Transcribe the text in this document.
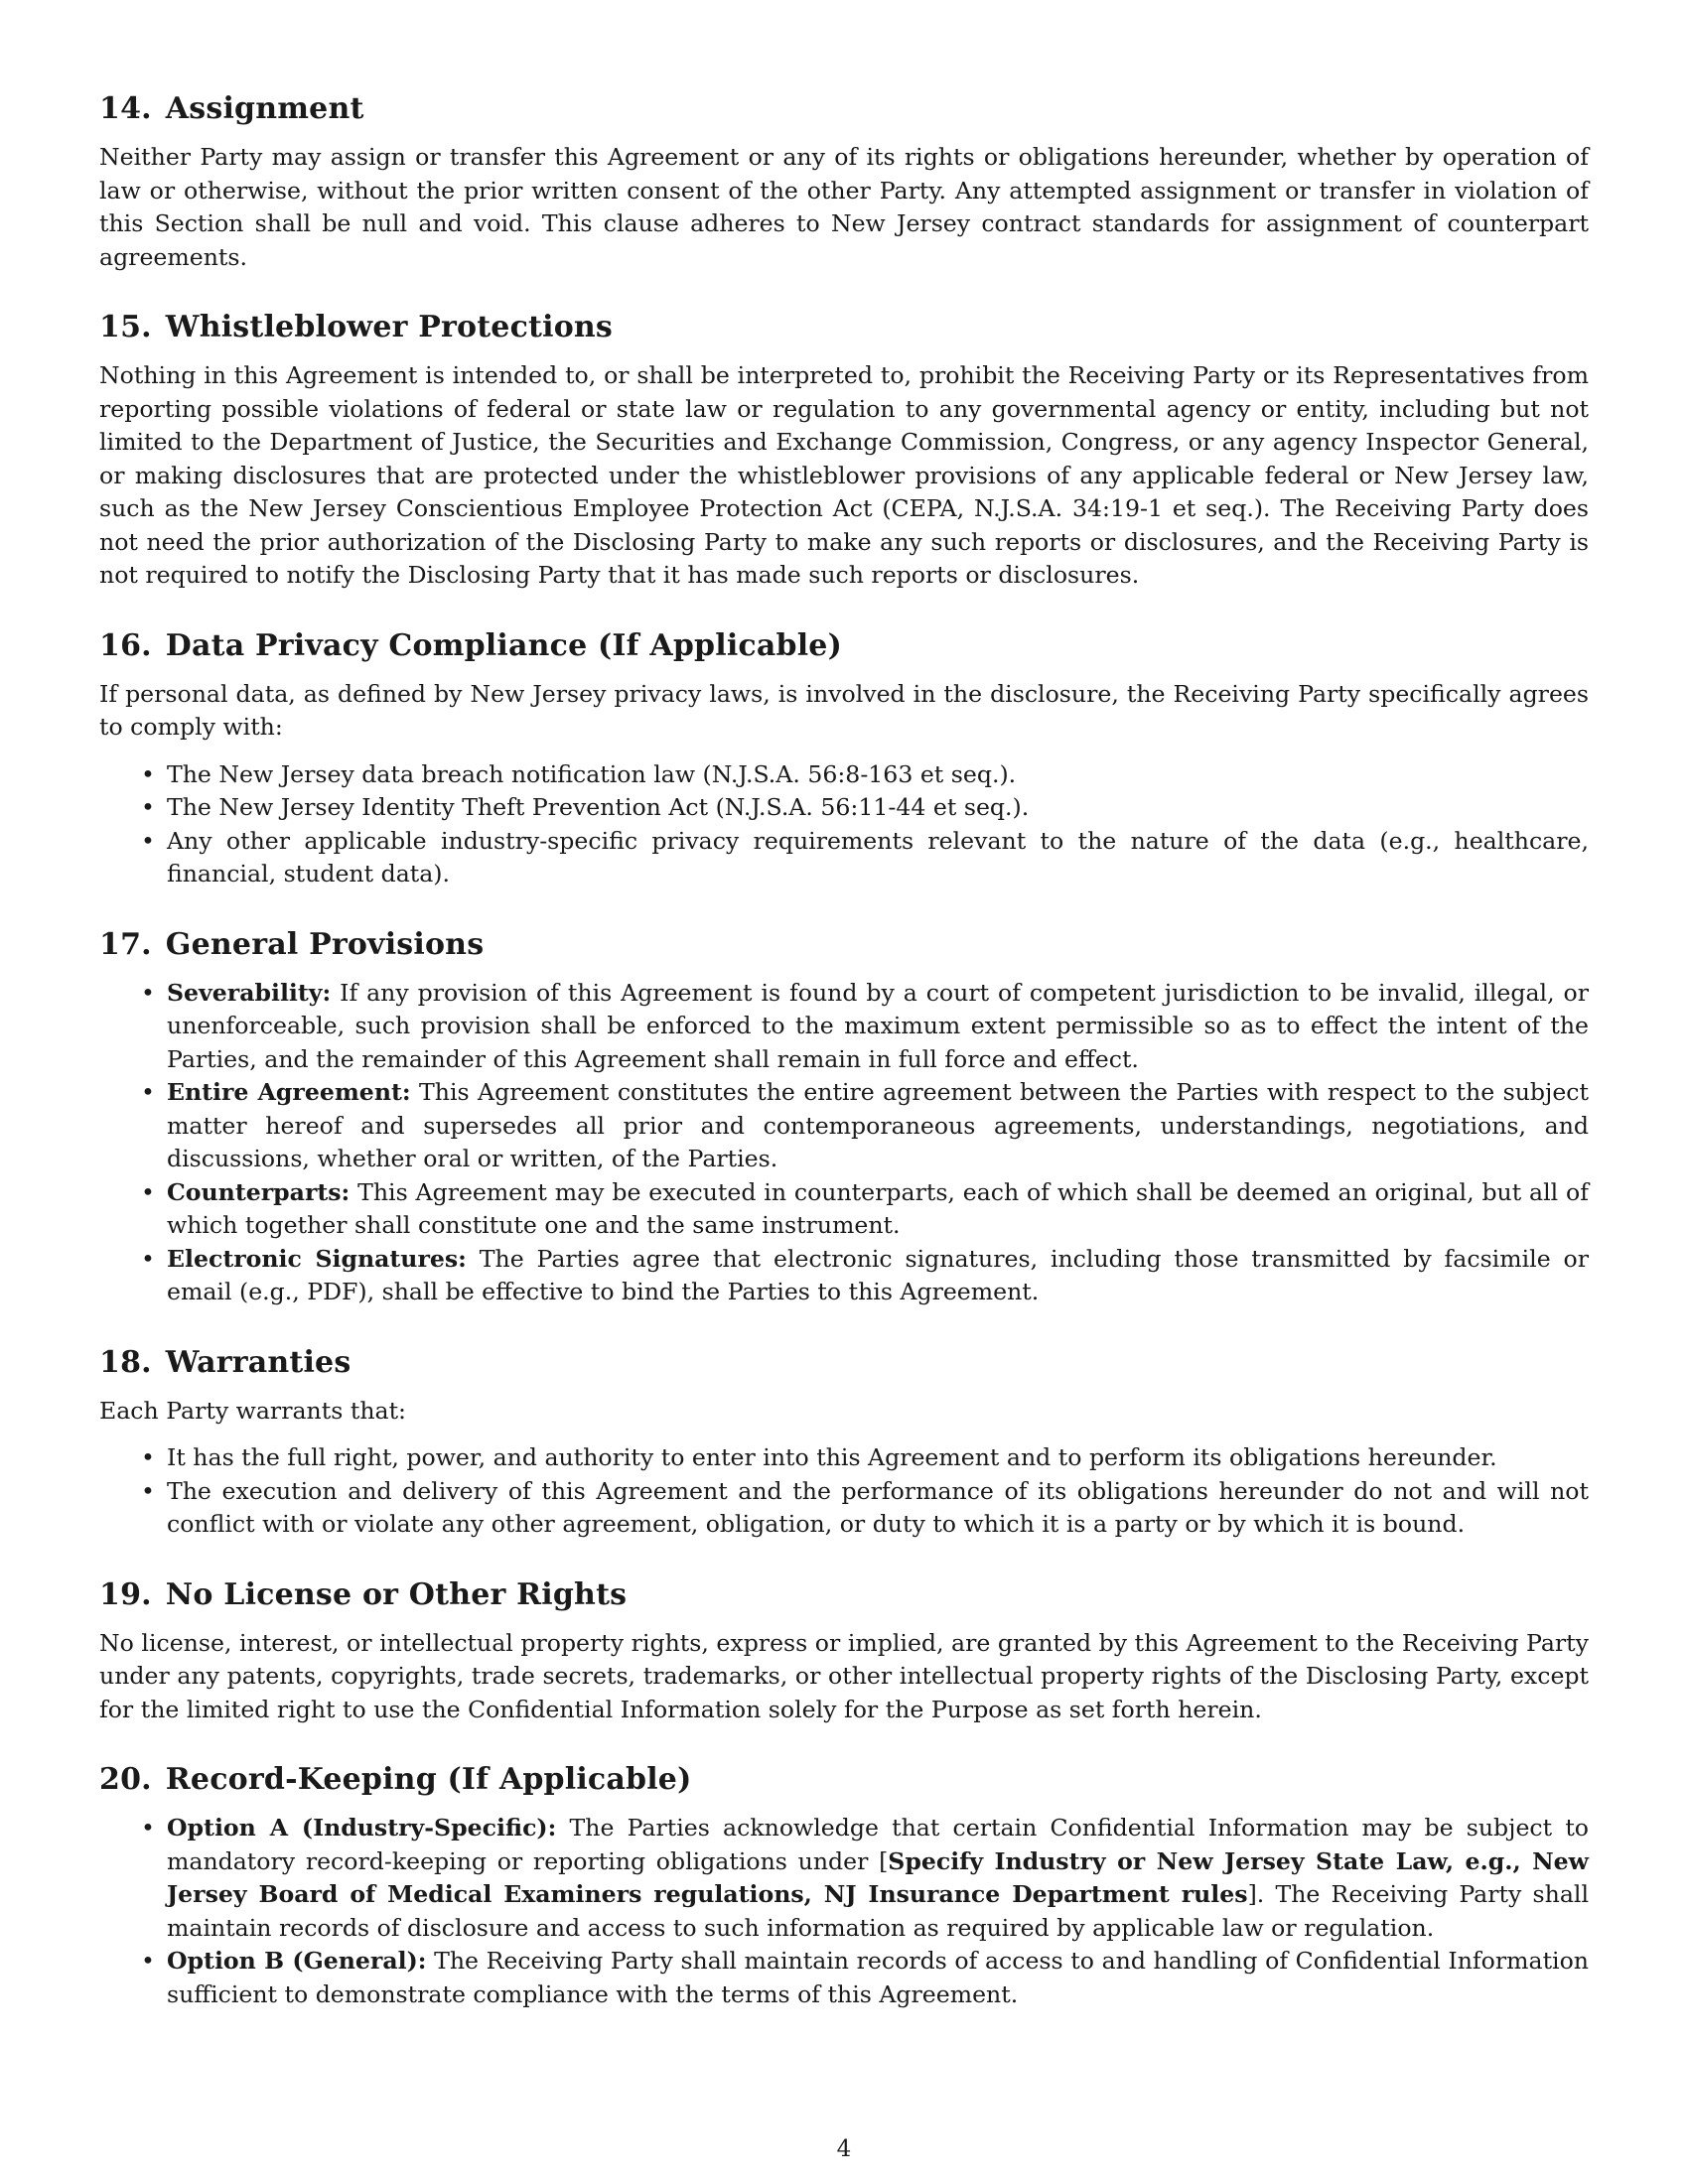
14. Assignment

Neither Party may assign or transfer this Agreement or any of its rights or obligations hereunder, whether by operation of law or otherwise, without the prior written consent of the other Party. Any attempted assignment or transfer in violation of this Section shall be null and void. This clause adheres to New Jersey contract standards for assignment of counterpart agreements.

15. Whistleblower Protections

Nothing in this Agreement is intended to, or shall be interpreted to, prohibit the Receiving Party or its Representatives from reporting possible violations of federal or state law or regulation to any governmental agency or entity, including but not limited to the Department of Justice, the Securities and Exchange Commission, Congress, or any agency Inspector General, or making disclosures that are protected under the whistleblower provisions of any applicable federal or New Jersey law, such as the New Jersey Conscientious Employee Protection Act (CEPA, N.J.S.A. 34:19-1 et seq.). The Receiving Party does not need the prior authorization of the Disclosing Party to make any such reports or disclosures, and the Receiving Party is not required to notify the Disclosing Party that it has made such reports or disclosures.

16. Data Privacy Compliance (If Applicable)

If personal data, as defined by New Jersey privacy laws, is involved in the disclosure, the Receiving Party specifically agrees to comply with:

• The New Jersey data breach notification law (N.J.S.A. 56:8-163 et seq.).
• The New Jersey Identity Theft Prevention Act (N.J.S.A. 56:11-44 et seq.).
• Any other applicable industry-specific privacy requirements relevant to the nature of the data (e.g., healthcare, financial, student data).
17. General Provisions
• Severability: If any provision of this Agreement is found by a court of competent jurisdiction to be invalid, illegal, or unenforceable, such provision shall be enforced to the maximum extent permissible so as to effect the intent of the Parties, and the remainder of this Agreement shall remain in full force and effect.
• Entire Agreement: This Agreement constitutes the entire agreement between the Parties with respect to the subject matter hereof and supersedes all prior and contemporaneous agreements, understandings, negotiations, and discussions, whether oral or written, of the Parties.
• Counterparts: This Agreement may be executed in counterparts, each of which shall be deemed an original, but all of which together shall constitute one and the same instrument.
• Electronic Signatures: The Parties agree that electronic signatures, including those transmitted by facsimile or email (e.g., PDF), shall be effective to bind the Parties to this Agreement.
18. Warranties

Each Party warrants that:

• It has the full right, power, and authority to enter into this Agreement and to perform its obligations hereunder.
• The execution and delivery of this Agreement and the performance of its obligations hereunder do not and will not conflict with or violate any other agreement, obligation, or duty to which it is a party or by which it is bound.
19. No License or Other Rights

No license, interest, or intellectual property rights, express or implied, are granted by this Agreement to the Receiving Party under any patents, copyrights, trade secrets, trademarks, or other intellectual property rights of the Disclosing Party, except for the limited right to use the Confidential Information solely for the Purpose as set forth herein.

20. Record-Keeping (If Applicable)
• Option A (Industry-Specific): The Parties acknowledge that certain Confidential Information may be subject to mandatory record-keeping or reporting obligations under [Specify Industry or New Jersey State Law, e.g., New Jersey Board of Medical Examiners regulations, NJ Insurance Department rules]. The Receiving Party shall maintain records of disclosure and access to such information as required by applicable law or regulation.
• Option B (General): The Receiving Party shall maintain records of access to and handling of Confidential Information sufficient to demonstrate compliance with the terms of this Agreement.
4
